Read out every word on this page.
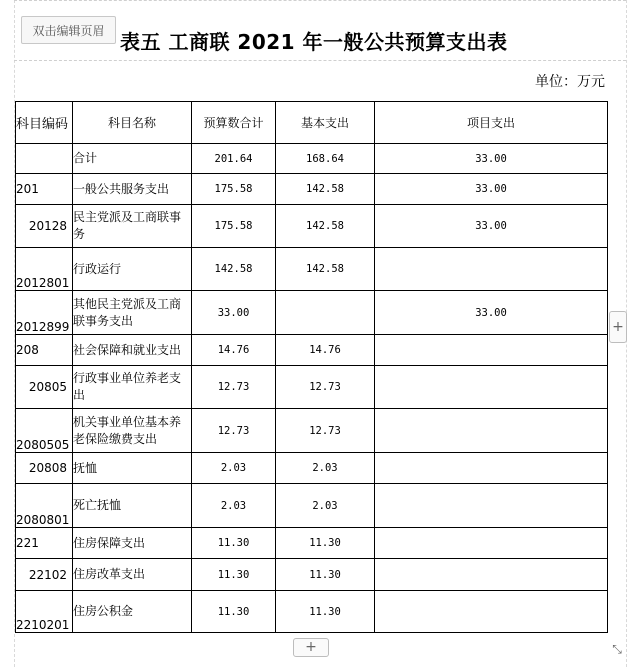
双击编辑页眉 表五 工商联 2021 年一般公共预算支出表
单位：万元
科目编码	科目名称	预算数合计	基本支出	项目支出
	合计	201.64	168.64	33.00
201	一般公共服务支出	175.58	142.58	33.00
20128	民主党派及工商联事务	175.58	142.58	33.00
2012801	行政运行	142.58	142.58	
2012899	其他民主党派及工商联事务支出	33.00		33.00
208	社会保障和就业支出	14.76	14.76	
20805	行政事业单位养老支出	12.73	12.73	
2080505	机关事业单位基本养老保险缴费支出	12.73	12.73	
20808	抚恤	2.03	2.03	
2080801	死亡抚恤	2.03	2.03	
221	住房保障支出	11.30	11.30	
22102	住房改革支出	11.30	11.30	
2210201	住房公积金	11.30	11.30	
+
+	⤡
